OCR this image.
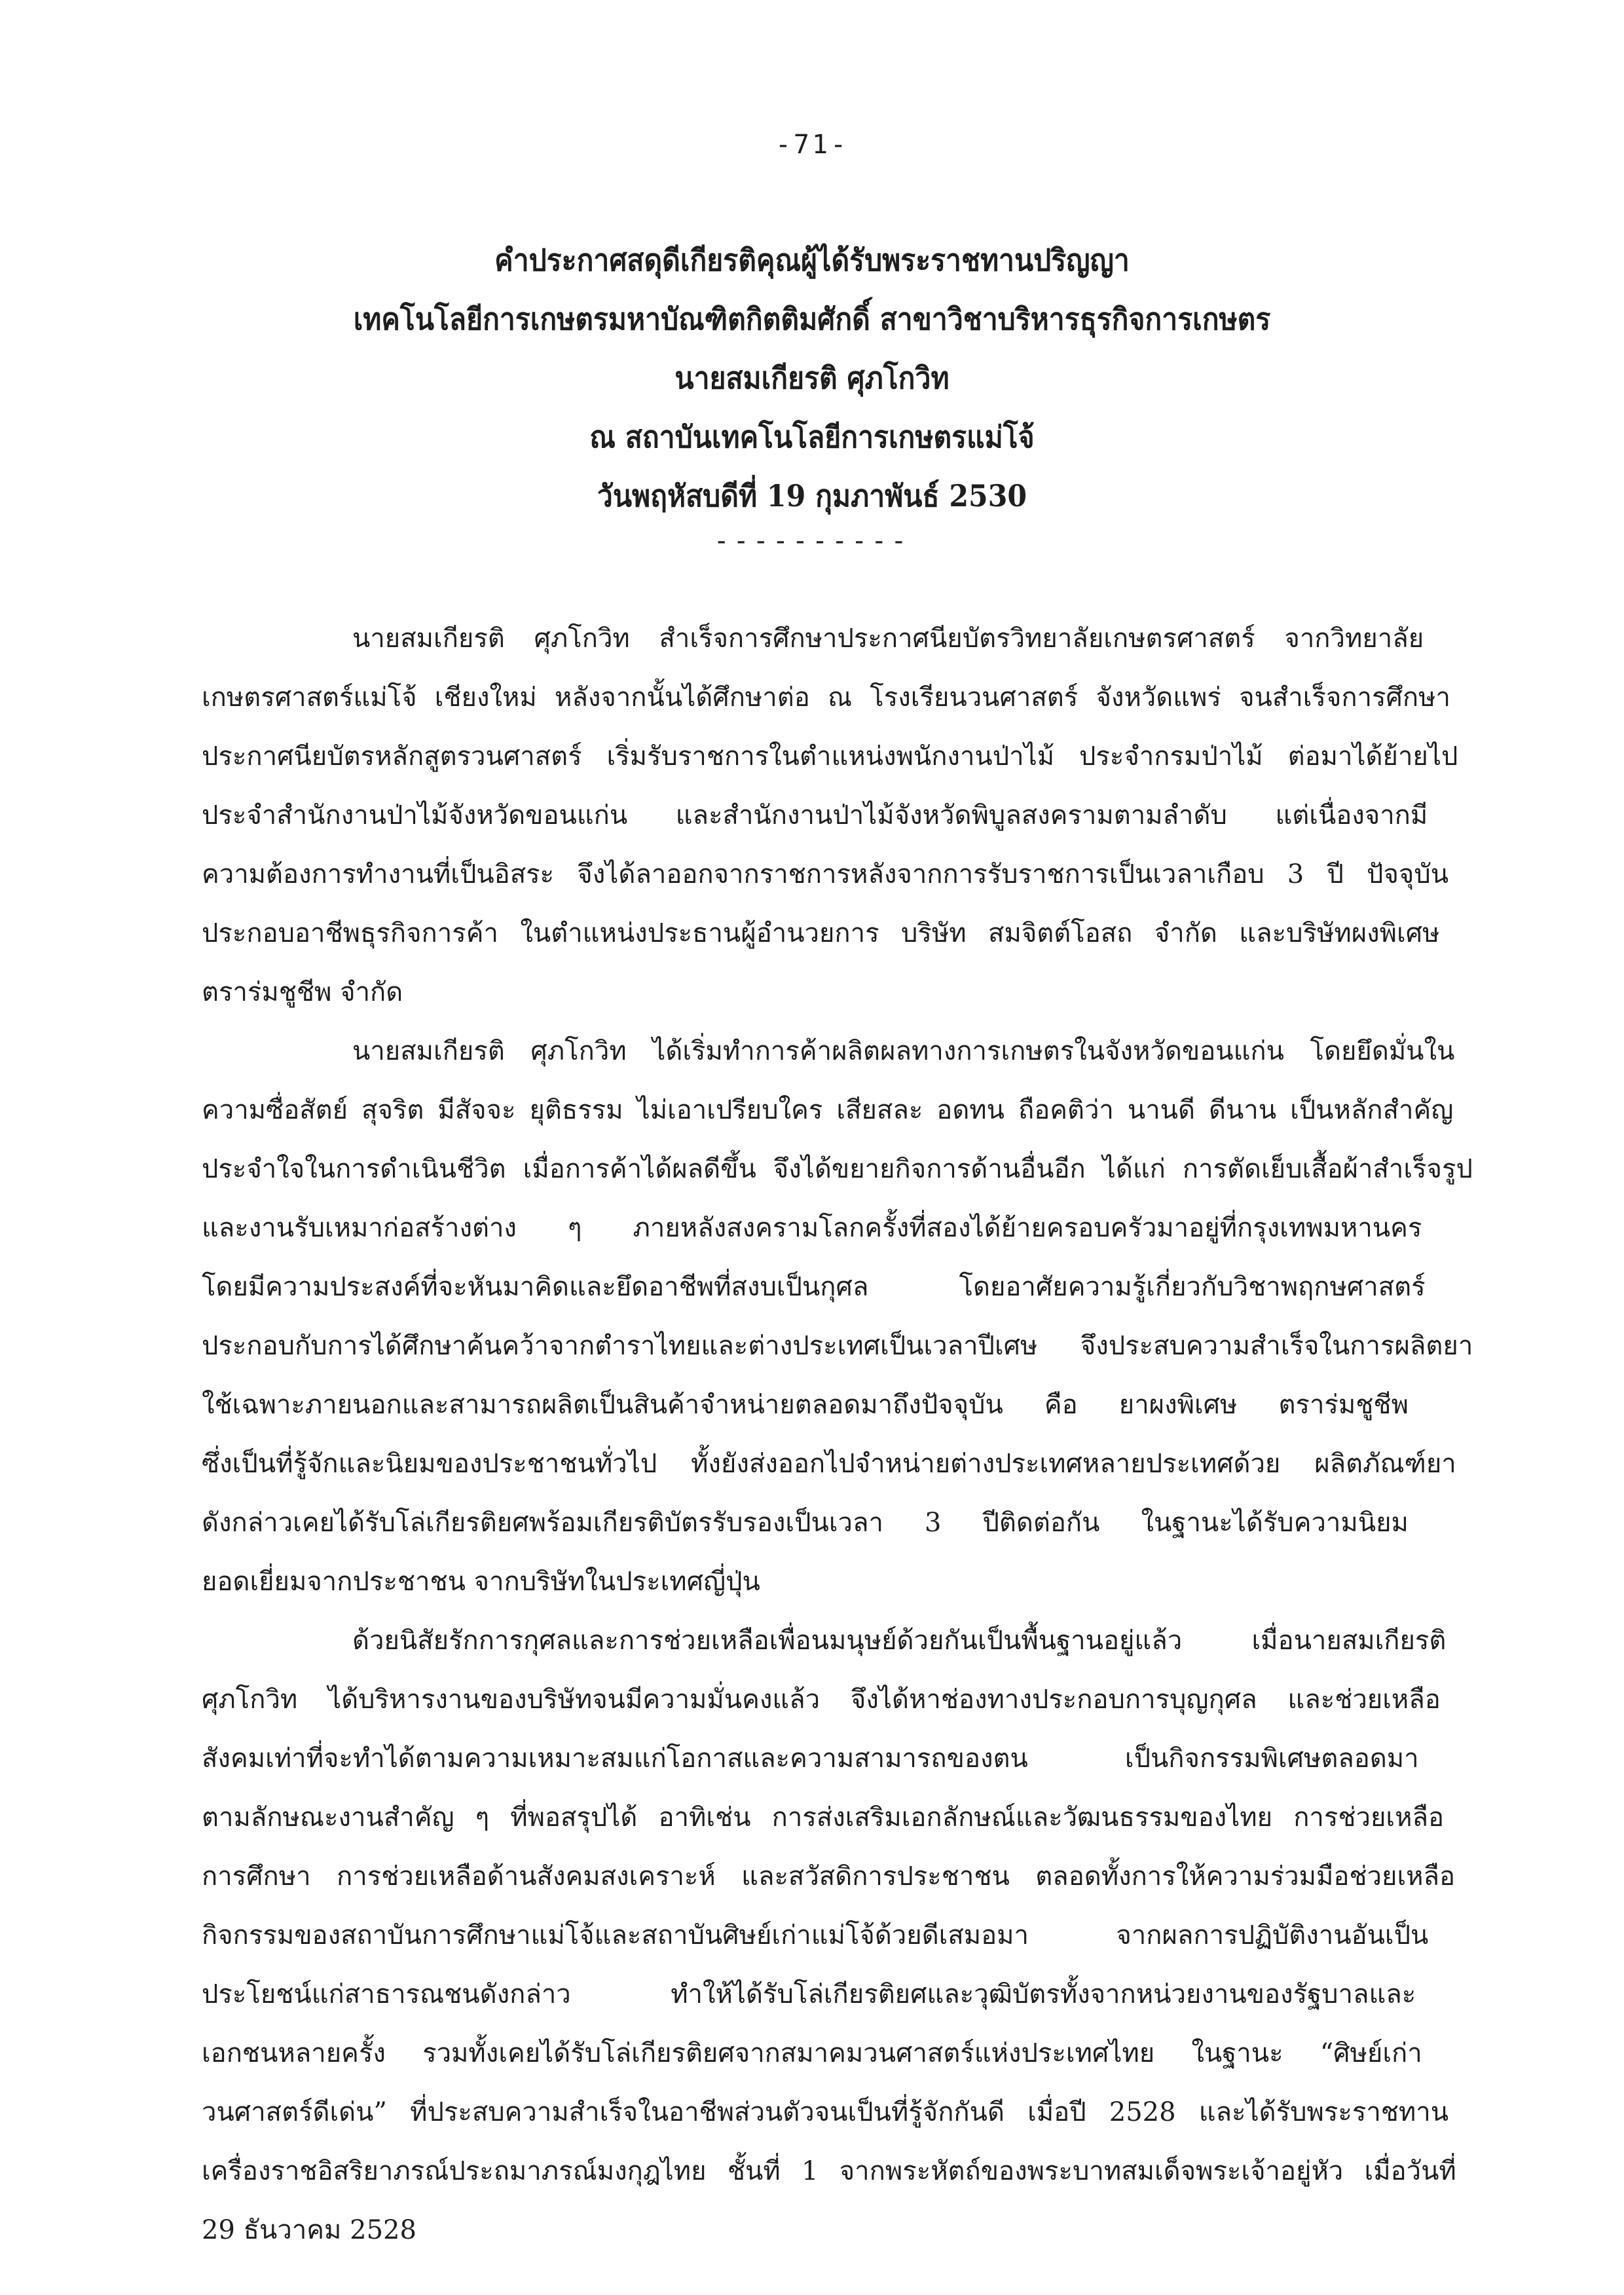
-71-
คำประกาศสดุดีเกียรติคุณผู้ได้รับพระราชทานปริญญา
เทคโนโลยีการเกษตรมหาบัณฑิตกิตติมศักดิ์ สาขาวิชาบริหารธุรกิจการเกษตร
นายสมเกียรติ ศุภโกวิท
ณ สถาบันเทคโนโลยีการเกษตรแม่โจ้
วันพฤหัสบดีที่ 19 กุมภาพันธ์ 2530
----------
นายสมเกียรติ ศุภโกวิท สำเร็จการศึกษาประกาศนียบัตรวิทยาลัยเกษตรศาสตร์ จากวิทยาลัย
เกษตรศาสตร์แม่โจ้ เชียงใหม่ หลังจากนั้นได้ศึกษาต่อ ณ โรงเรียนวนศาสตร์ จังหวัดแพร่ จนสำเร็จการศึกษา
ประกาศนียบัตรหลักสูตรวนศาสตร์ เริ่มรับราชการในตำแหน่งพนักงานป่าไม้ ประจำกรมป่าไม้ ต่อมาได้ย้ายไป
ประจำสำนักงานป่าไม้จังหวัดขอนแก่น และสำนักงานป่าไม้จังหวัดพิบูลสงครามตามลำดับ แต่เนื่องจากมี
ความต้องการทำงานที่เป็นอิสระ จึงได้ลาออกจากราชการหลังจากการรับราชการเป็นเวลาเกือบ 3 ปี ปัจจุบัน
ประกอบอาชีพธุรกิจการค้า ในตำแหน่งประธานผู้อำนวยการ บริษัท สมจิตต์โอสถ จำกัด และบริษัทผงพิเศษ
ตราร่มชูชีพ จำกัด
นายสมเกียรติ ศุภโกวิท ได้เริ่มทำการค้าผลิตผลทางการเกษตรในจังหวัดขอนแก่น โดยยึดมั่นใน
ความซื่อสัตย์ สุจริต มีสัจจะ ยุติธรรม ไม่เอาเปรียบใคร เสียสละ อดทน ถือคติว่า นานดี ดีนาน เป็นหลักสำคัญ
ประจำใจในการดำเนินชีวิต เมื่อการค้าได้ผลดีขึ้น จึงได้ขยายกิจการด้านอื่นอีก ได้แก่ การตัดเย็บเสื้อผ้าสำเร็จรูป
และงานรับเหมาก่อสร้างต่าง ๆ ภายหลังสงครามโลกครั้งที่สองได้ย้ายครอบครัวมาอยู่ที่กรุงเทพมหานคร
โดยมีความประสงค์ที่จะหันมาคิดและยึดอาชีพที่สงบเป็นกุศล โดยอาศัยความรู้เกี่ยวกับวิชาพฤกษศาสตร์
ประกอบกับการได้ศึกษาค้นคว้าจากตำราไทยและต่างประเทศเป็นเวลาปีเศษ จึงประสบความสำเร็จในการผลิตยา
ใช้เฉพาะภายนอกและสามารถผลิตเป็นสินค้าจำหน่ายตลอดมาถึงปัจจุบัน คือ ยาผงพิเศษ ตราร่มชูชีพ
ซึ่งเป็นที่รู้จักและนิยมของประชาชนทั่วไป ทั้งยังส่งออกไปจำหน่ายต่างประเทศหลายประเทศด้วย ผลิตภัณฑ์ยา
ดังกล่าวเคยได้รับโล่เกียรติยศพร้อมเกียรติบัตรรับรองเป็นเวลา 3 ปีติดต่อกัน ในฐานะได้รับความนิยม
ยอดเยี่ยมจากประชาชน จากบริษัทในประเทศญี่ปุ่น
ด้วยนิสัยรักการกุศลและการช่วยเหลือเพื่อนมนุษย์ด้วยกันเป็นพื้นฐานอยู่แล้ว เมื่อนายสมเกียรติ
ศุภโกวิท ได้บริหารงานของบริษัทจนมีความมั่นคงแล้ว จึงได้หาช่องทางประกอบการบุญกุศล และช่วยเหลือ
สังคมเท่าที่จะทำได้ตามความเหมาะสมแก่โอกาสและความสามารถของตน เป็นกิจกรรมพิเศษตลอดมา
ตามลักษณะงานสำคัญ ๆ ที่พอสรุปได้ อาทิเช่น การส่งเสริมเอกลักษณ์และวัฒนธรรมของไทย การช่วยเหลือ
การศึกษา การช่วยเหลือด้านสังคมสงเคราะห์ และสวัสดิการประชาชน ตลอดทั้งการให้ความร่วมมือช่วยเหลือ
กิจกรรมของสถาบันการศึกษาแม่โจ้และสถาบันศิษย์เก่าแม่โจ้ด้วยดีเสมอมา จากผลการปฏิบัติงานอันเป็น
ประโยชน์แก่สาธารณชนดังกล่าว ทำให้ได้รับโล่เกียรติยศและวุฒิบัตรทั้งจากหน่วยงานของรัฐบาลและ
เอกชนหลายครั้ง รวมทั้งเคยได้รับโล่เกียรติยศจากสมาคมวนศาสตร์แห่งประเทศไทย ในฐานะ “ศิษย์เก่า
วนศาสตร์ดีเด่น” ที่ประสบความสำเร็จในอาชีพส่วนตัวจนเป็นที่รู้จักกันดี เมื่อปี 2528 และได้รับพระราชทาน
เครื่องราชอิสริยาภรณ์ประถมาภรณ์มงกุฎไทย ชั้นที่ 1 จากพระหัตถ์ของพระบาทสมเด็จพระเจ้าอยู่หัว เมื่อวันที่
29 ธันวาคม 2528
